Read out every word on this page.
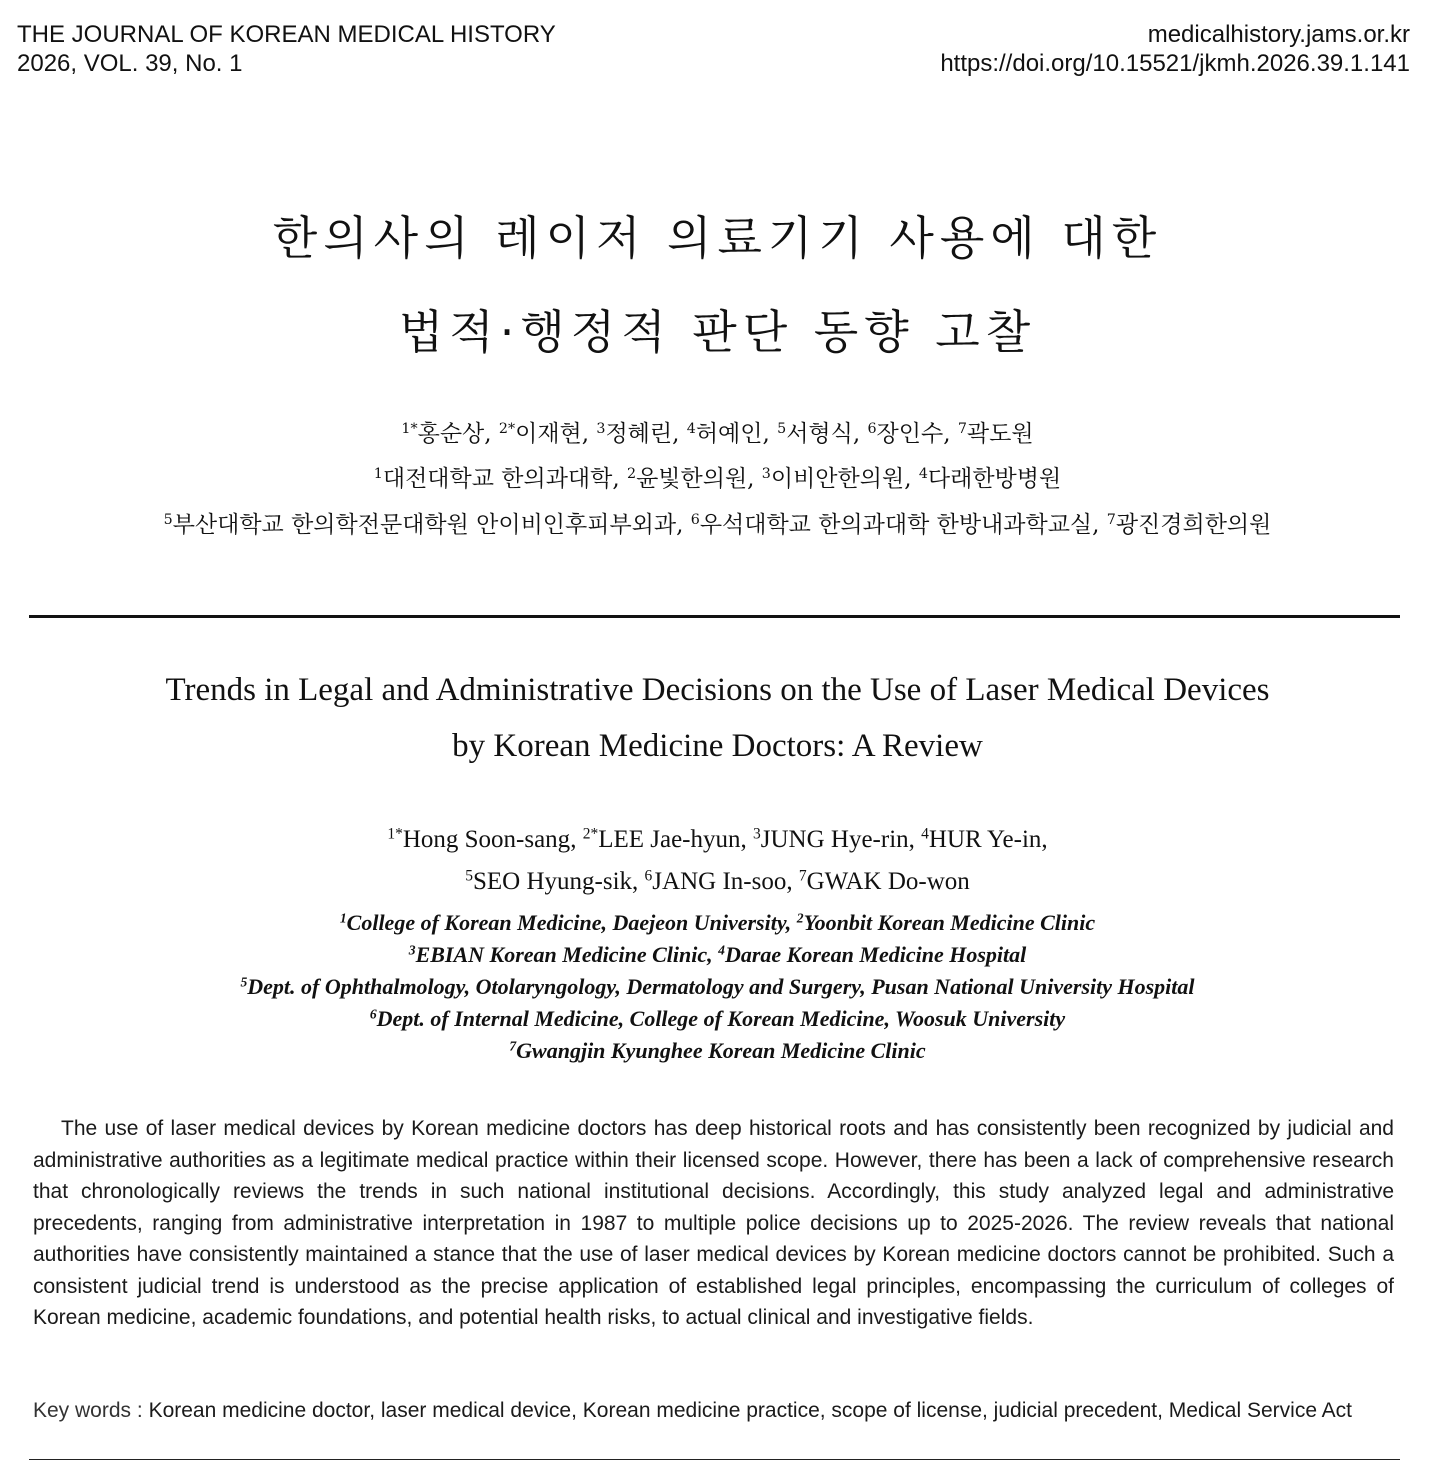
THE JOURNAL OF KOREAN MEDICAL HISTORY
2026, VOL. 39, No. 1
medicalhistory.jams.or.kr
https://doi.org/10.15521/jkmh.2026.39.1.141
한의사의 레이저 의료기기 사용에 대한
법적·행정적 판단 동향 고찰
$^{1*}$홍순상, $^{2*}$이재현, $^3$정혜린, $^4$허예인, $^5$서형식, $^6$장인수, $^7$곽도원
$^1$대전대학교 한의과대학, $^2$윤빛한의원, $^3$이비안한의원, $^4$다래한방병원
$^5$부산대학교 한의학전문대학원 안이비인후피부외과, $^6$우석대학교 한의과대학 한방내과학교실, $^7$광진경희한의원
Trends in Legal and Administrative Decisions on the Use of Laser Medical Devices
by Korean Medicine Doctors: A Review
$^{1*}$Hong Soon-sang, $^{2*}$LEE Jae-hyun, $^3$JUNG Hye-rin, $^4$HUR Ye-in,
$^5$SEO Hyung-sik, $^6$JANG In-soo, $^7$GWAK Do-won
$^1$College of Korean Medicine, Daejeon University, $^2$Yoonbit Korean Medicine Clinic
$^3$EBIAN Korean Medicine Clinic, $^4$Darae Korean Medicine Hospital
$^5$Dept. of Ophthalmology, Otolaryngology, Dermatology and Surgery, Pusan National University Hospital
$^6$Dept. of Internal Medicine, College of Korean Medicine, Woosuk University
$^7$Gwangjin Kyunghee Korean Medicine Clinic

The use of laser medical devices by Korean medicine doctors has deep historical roots and has consistently been recognized by judicial and administrative authorities as a legitimate medical practice within their licensed scope. However, there has been a lack of comprehensive research that chronologically reviews the trends in such national institutional decisions. Accordingly, this study analyzed legal and administrative precedents, ranging from administrative interpretation in 1987 to multiple police decisions up to 2025-2026. The review reveals that national authorities have consistently maintained a stance that the use of laser medical devices by Korean medicine doctors cannot be prohibited. Such a consistent judicial trend is understood as the precise application of established legal principles, encompassing the curriculum of colleges of Korean medicine, academic foundations, and potential health risks, to actual clinical and investigative fields.

Key words : Korean medicine doctor, laser medical device, Korean medicine practice, scope of license, judicial precedent, Medical Service Act
